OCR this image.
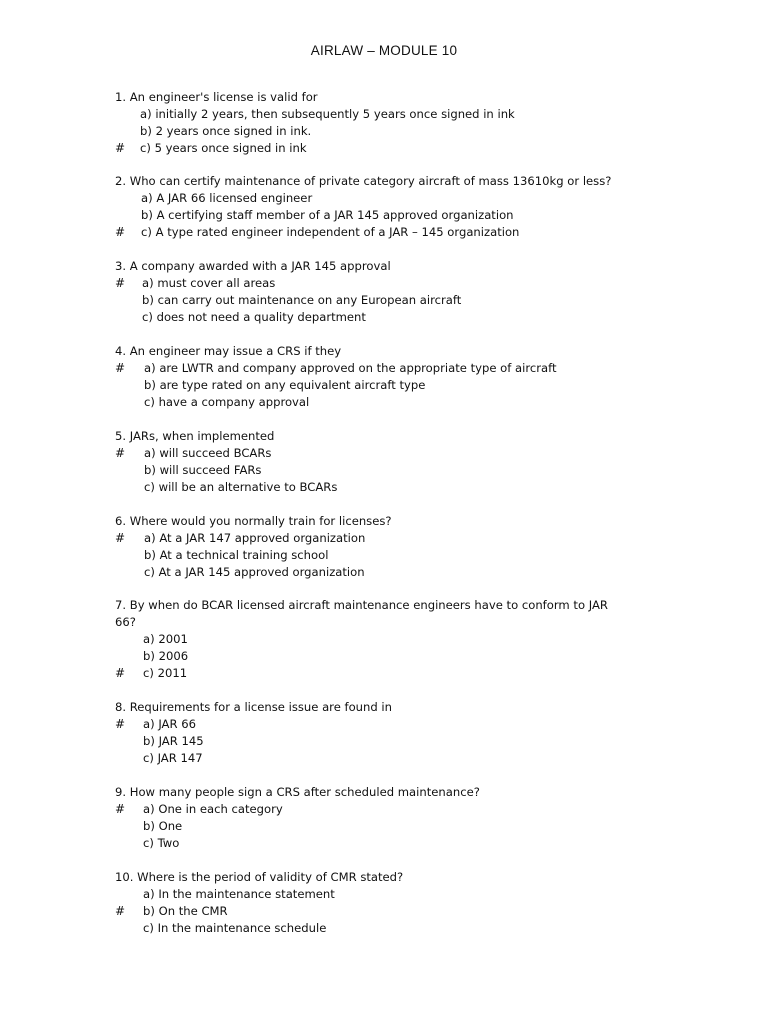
AIRLAW – MODULE 10
1. An engineer's license is valid for
a) initially 2 years, then subsequently 5 years once signed in ink
b) 2 years once signed in ink.
# c) 5 years once signed in ink
2. Who can certify maintenance of private category aircraft of mass 13610kg or less?
a) A JAR 66 licensed engineer
b) A certifying staff member of a JAR 145 approved organization
# c) A type rated engineer independent of a JAR – 145 organization
3. A company awarded with a JAR 145 approval
# a) must cover all areas
b) can carry out maintenance on any European aircraft
c) does not need a quality department
4. An engineer may issue a CRS if they
# a) are LWTR and company approved on the appropriate type of aircraft
b) are type rated on any equivalent aircraft type
c) have a company approval
5. JARs, when implemented
# a) will succeed BCARs
b) will succeed FARs
c) will be an alternative to BCARs
6. Where would you normally train for licenses?
# a) At a JAR 147 approved organization
b) At a technical training school
c) At a JAR 145 approved organization
7. By when do BCAR licensed aircraft maintenance engineers have to conform to JAR
66?
a) 2001
b) 2006
# c) 2011
8. Requirements for a license issue are found in
# a) JAR 66
b) JAR 145
c) JAR 147
9. How many people sign a CRS after scheduled maintenance?
# a) One in each category
b) One
c) Two
10. Where is the period of validity of CMR stated?
a) In the maintenance statement
# b) On the CMR
c) In the maintenance schedule
